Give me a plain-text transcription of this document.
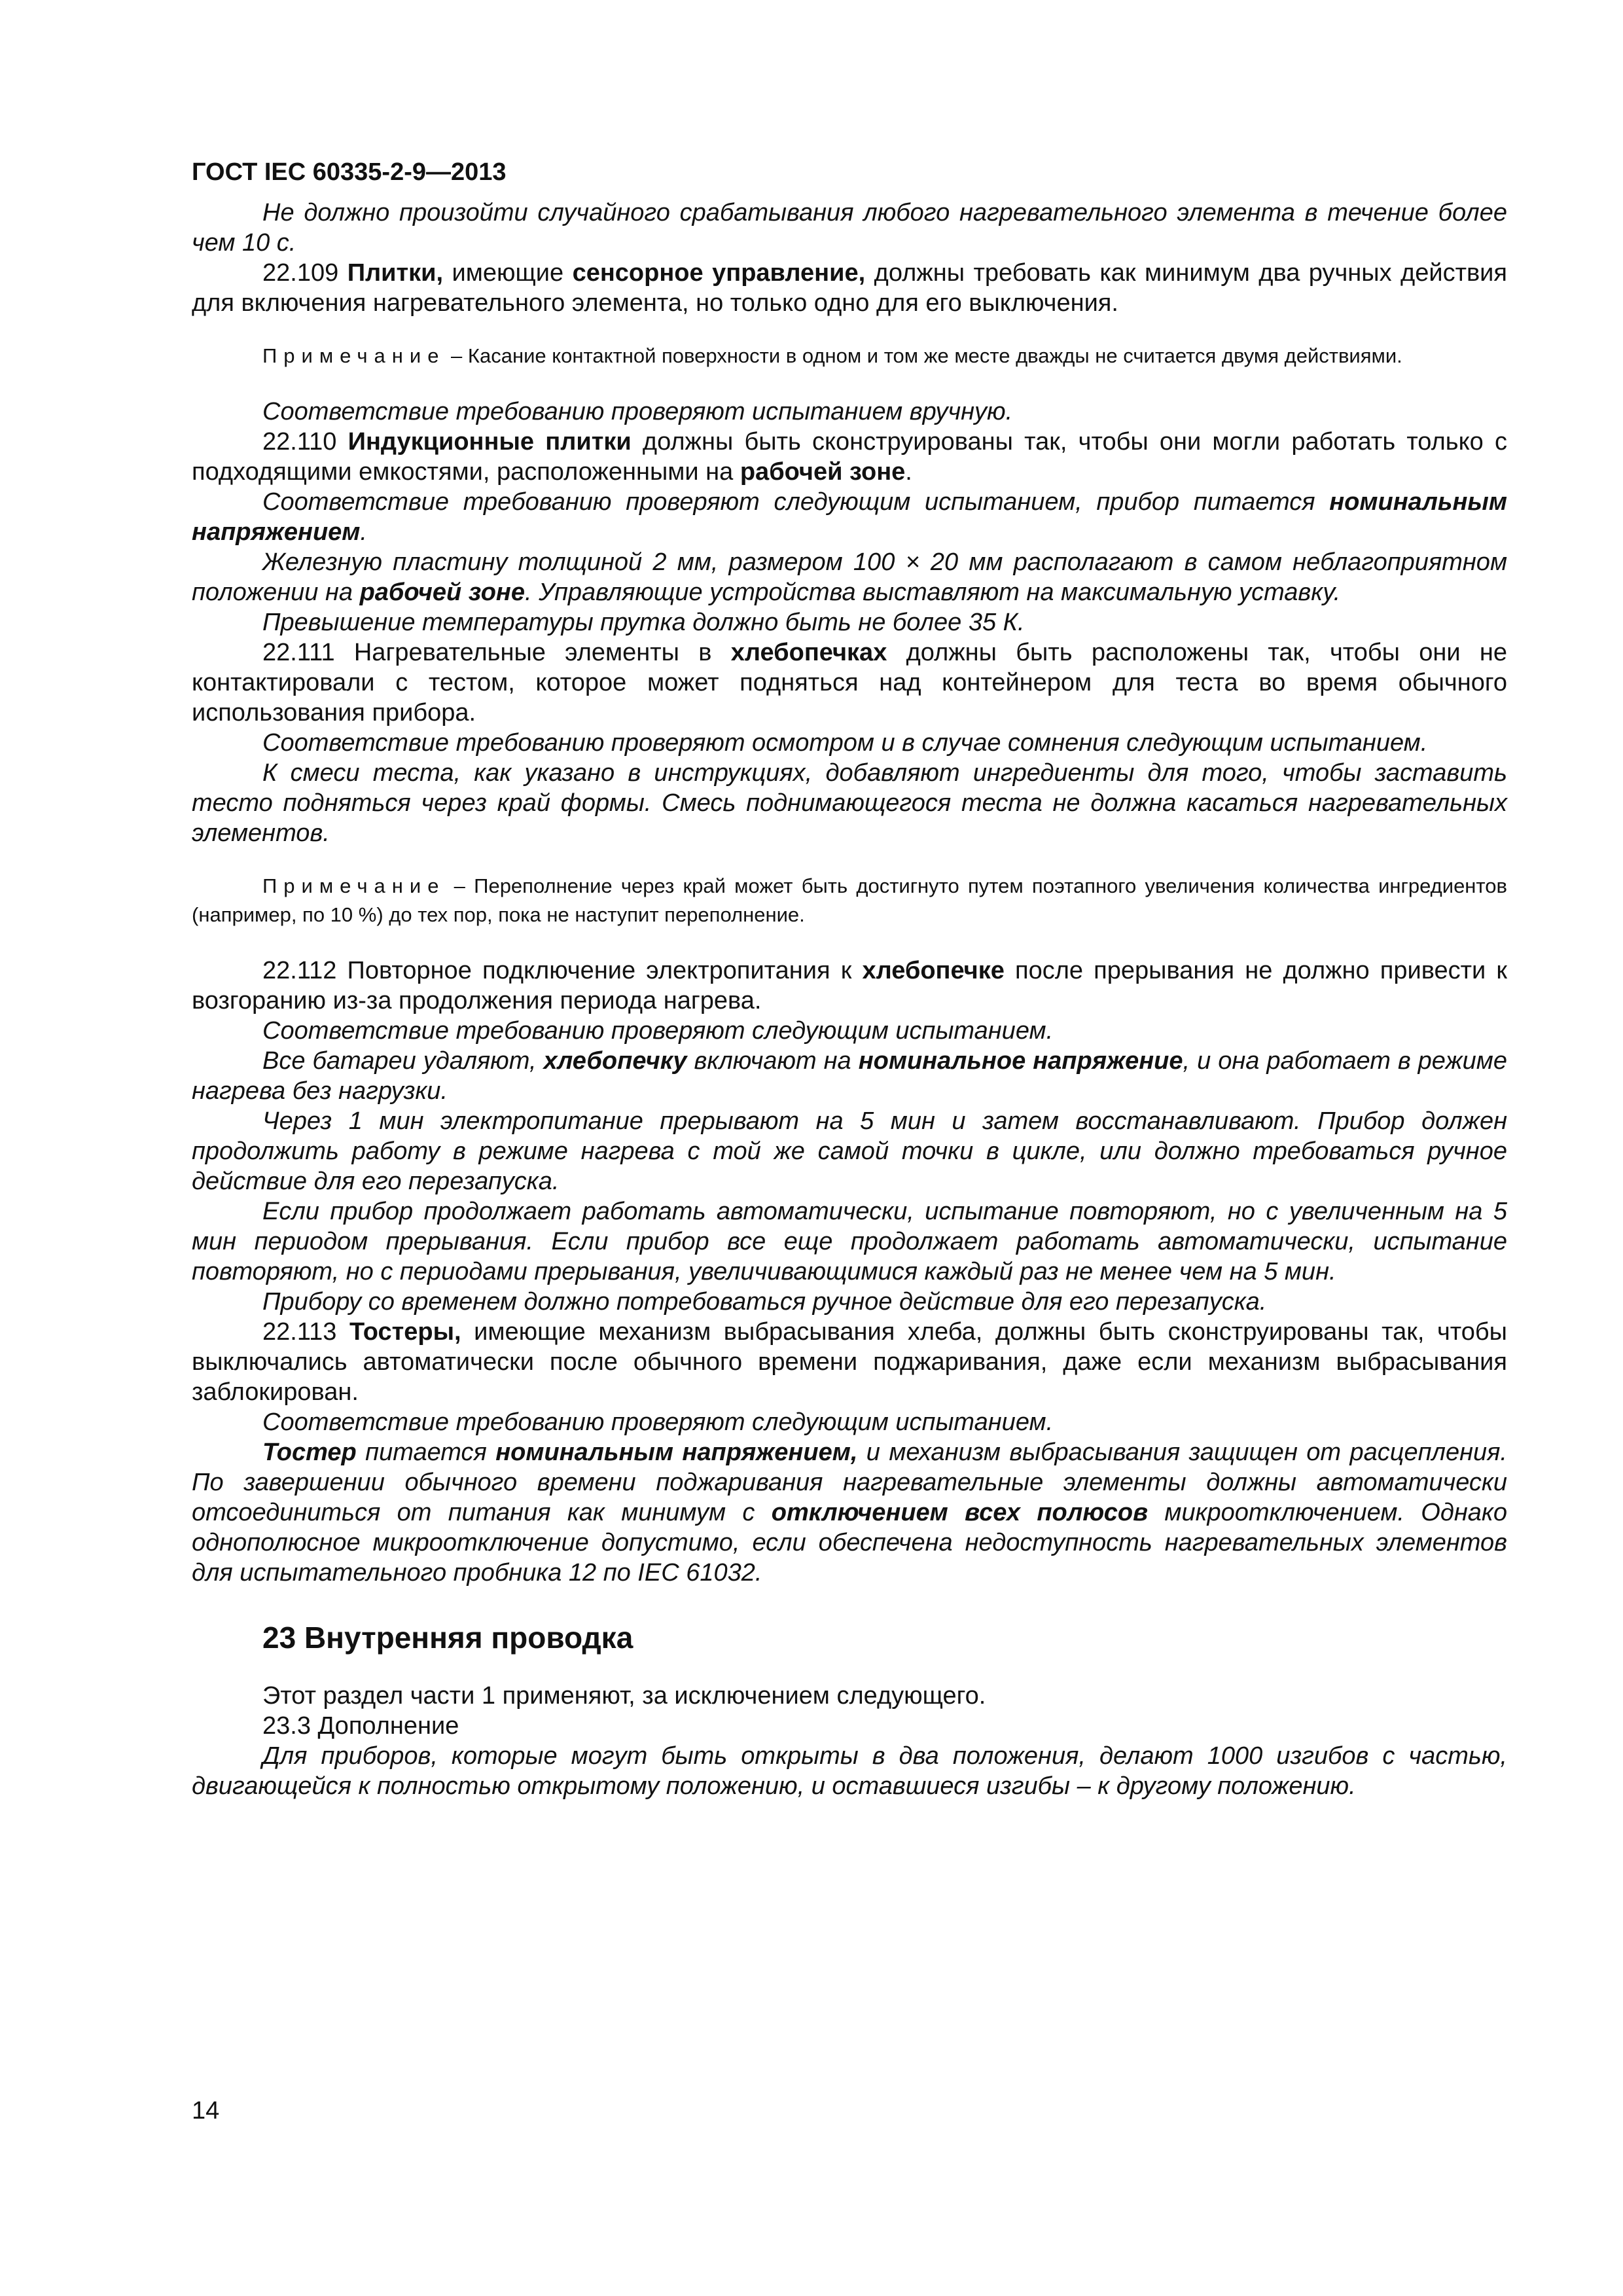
ГОСТ IEC 60335-2-9—2013

Не должно произойти случайного срабатывания любого нагревательного элемента в течение более чем 10 с.

22.109 Плитки, имеющие сенсорное управление, должны требовать как минимум два ручных действия для включения нагревательного элемента, но только одно для его выключения.

Примечание – Касание контактной поверхности в одном и том же месте дважды не считается двумя действиями.

Соответствие требованию проверяют испытанием вручную.

22.110 Индукционные плитки должны быть сконструированы так, чтобы они могли работать только с подходящими емкостями, расположенными на рабочей зоне.

Соответствие требованию проверяют следующим испытанием, прибор питается номинальным напряжением.

Железную пластину толщиной 2 мм, размером 100 × 20 мм располагают в самом неблагоприятном положении на рабочей зоне. Управляющие устройства выставляют на максимальную уставку.

Превышение температуры прутка должно быть не более 35 К.

22.111 Нагревательные элементы в хлебопечках должны быть расположены так, чтобы они не контактировали с тестом, которое может подняться над контейнером для теста во время обычного использования прибора.

Соответствие требованию проверяют осмотром и в случае сомнения следующим испытанием.

К смеси теста, как указано в инструкциях, добавляют ингредиенты для того, чтобы заставить тесто подняться через край формы. Смесь поднимающегося теста не должна касаться нагревательных элементов.

Примечание – Переполнение через край может быть достигнуто путем поэтапного увеличения количества ингредиентов (например, по 10 %) до тех пор, пока не наступит переполнение.

22.112 Повторное подключение электропитания к хлебопечке после прерывания не должно привести к возгоранию из-за продолжения периода нагрева.

Соответствие требованию проверяют следующим испытанием.

Все батареи удаляют, хлебопечку включают на номинальное напряжение, и она работает в режиме нагрева без нагрузки.

Через 1 мин электропитание прерывают на 5 мин и затем восстанавливают. Прибор должен продолжить работу в режиме нагрева с той же самой точки в цикле, или должно требоваться ручное действие для его перезапуска.

Если прибор продолжает работать автоматически, испытание повторяют, но с увеличенным на 5 мин периодом прерывания. Если прибор все еще продолжает работать автоматически, испытание повторяют, но с периодами прерывания, увеличивающимися каждый раз не менее чем на 5 мин.

Прибору со временем должно потребоваться ручное действие для его перезапуска.

22.113 Тостеры, имеющие механизм выбрасывания хлеба, должны быть сконструированы так, чтобы выключались автоматически после обычного времени поджаривания, даже если механизм выбрасывания заблокирован.

Соответствие требованию проверяют следующим испытанием.

Тостер питается номинальным напряжением, и механизм выбрасывания защищен от расцепления. По завершении обычного времени поджаривания нагревательные элементы должны автоматически отсоединиться от питания как минимум с отключением всех полюсов микроотключением. Однако однополюсное микроотключение допустимо, если обеспечена недоступность нагревательных элементов для испытательного пробника 12 по IEC 61032.

23 Внутренняя проводка

Этот раздел части 1 применяют, за исключением следующего.

23.3 Дополнение

Для приборов, которые могут быть открыты в два положения, делают 1000 изгибов с частью, двигающейся к полностью открытому положению, и оставшиеся изгибы – к другому положению.

14
